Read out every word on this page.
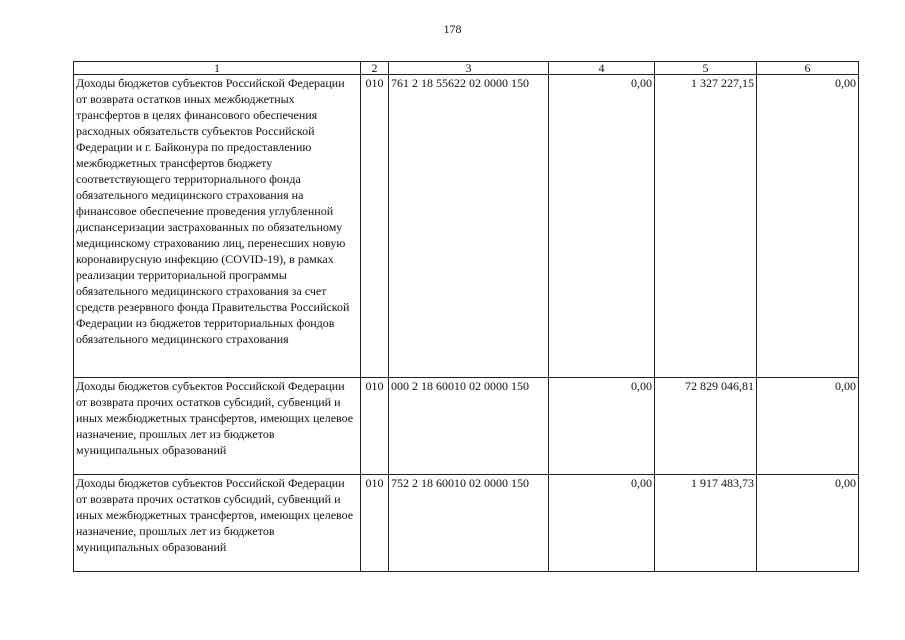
178
1	2	3	4	5	6
Доходы бюджетов субъектов Российской Федерации от возврата остатков иных межбюджетных трансфертов в целях финансового обеспечения расходных обязательств субъектов Российской Федерации и г. Байконура по предоставлению межбюджетных трансфертов бюджету соответствующего территориального фонда обязательного медицинского страхования на финансовое обеспечение проведения углубленной диспансеризации застрахованных по обязательному медицинскому страхованию лиц, перенесших новую коронавирусную инфекцию (COVID-19), в рамках реализации территориальной программы обязательного медицинского страхования за счет средств резервного фонда Правительства Российской Федерации из бюджетов территориальных фондов обязательного медицинского страхования	010	761 2 18 55622 02 0000 150	0,00	1 327 227,15	0,00
Доходы бюджетов субъектов Российской Федерации от возврата прочих остатков субсидий, субвенций и иных межбюджетных трансфертов, имеющих целевое назначение, прошлых лет из бюджетов муниципальных образований	010	000 2 18 60010 02 0000 150	0,00	72 829 046,81	0,00
Доходы бюджетов субъектов Российской Федерации от возврата прочих остатков субсидий, субвенций и иных межбюджетных трансфертов, имеющих целевое назначение, прошлых лет из бюджетов муниципальных образований	010	752 2 18 60010 02 0000 150	0,00	1 917 483,73	0,00
